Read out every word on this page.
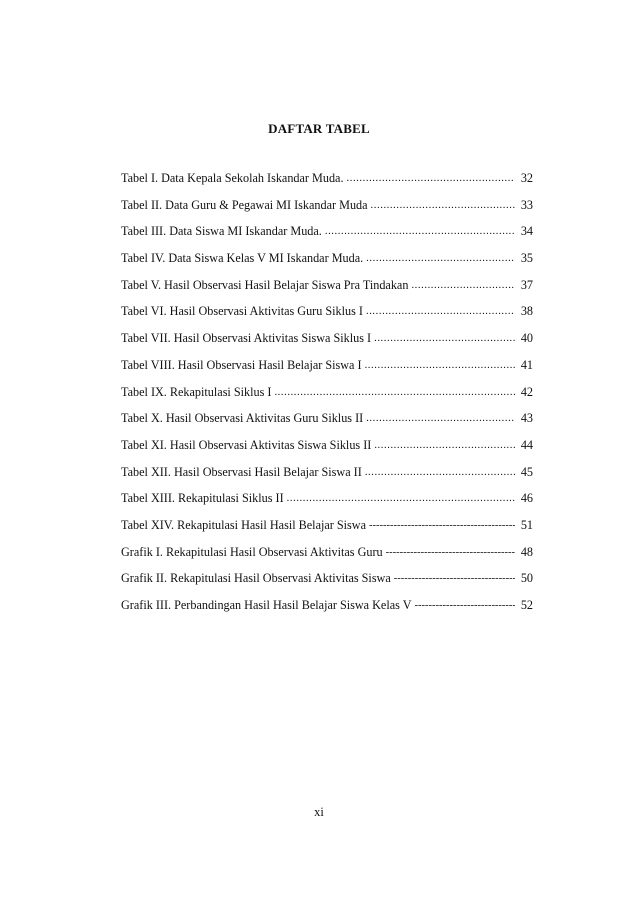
DAFTAR TABEL
Tabel I. Data Kepala Sekolah Iskandar Muda. .....	32
Tabel II. Data Guru & Pegawai MI Iskandar Muda .....	33
Tabel III. Data Siswa MI Iskandar Muda. .....	34
Tabel IV. Data Siswa Kelas V MI Iskandar Muda. .....	35
Tabel V. Hasil Observasi Hasil Belajar Siswa Pra Tindakan .....	37
Tabel VI. Hasil Observasi Aktivitas Guru Siklus I .....	38
Tabel VII. Hasil Observasi Aktivitas Siswa Siklus I .....	40
Tabel VIII. Hasil Observasi Hasil Belajar Siswa I .....	41
Tabel IX. Rekapitulasi Siklus I .....	42
Tabel X. Hasil Observasi Aktivitas Guru Siklus II .....	43
Tabel XI. Hasil Observasi Aktivitas Siswa Siklus II .....	44
Tabel XII. Hasil Observasi Hasil Belajar Siswa II .....	45
Tabel XIII. Rekapitulasi Siklus II .....	46
Tabel XIV. Rekapitulasi Hasil Hasil Belajar Siswa -----	51
Grafik I. Rekapitulasi Hasil Observasi Aktivitas Guru -----	48
Grafik II. Rekapitulasi Hasil Observasi Aktivitas Siswa -----	50
Grafik III. Perbandingan Hasil Hasil Belajar Siswa Kelas V -----	52
xi
